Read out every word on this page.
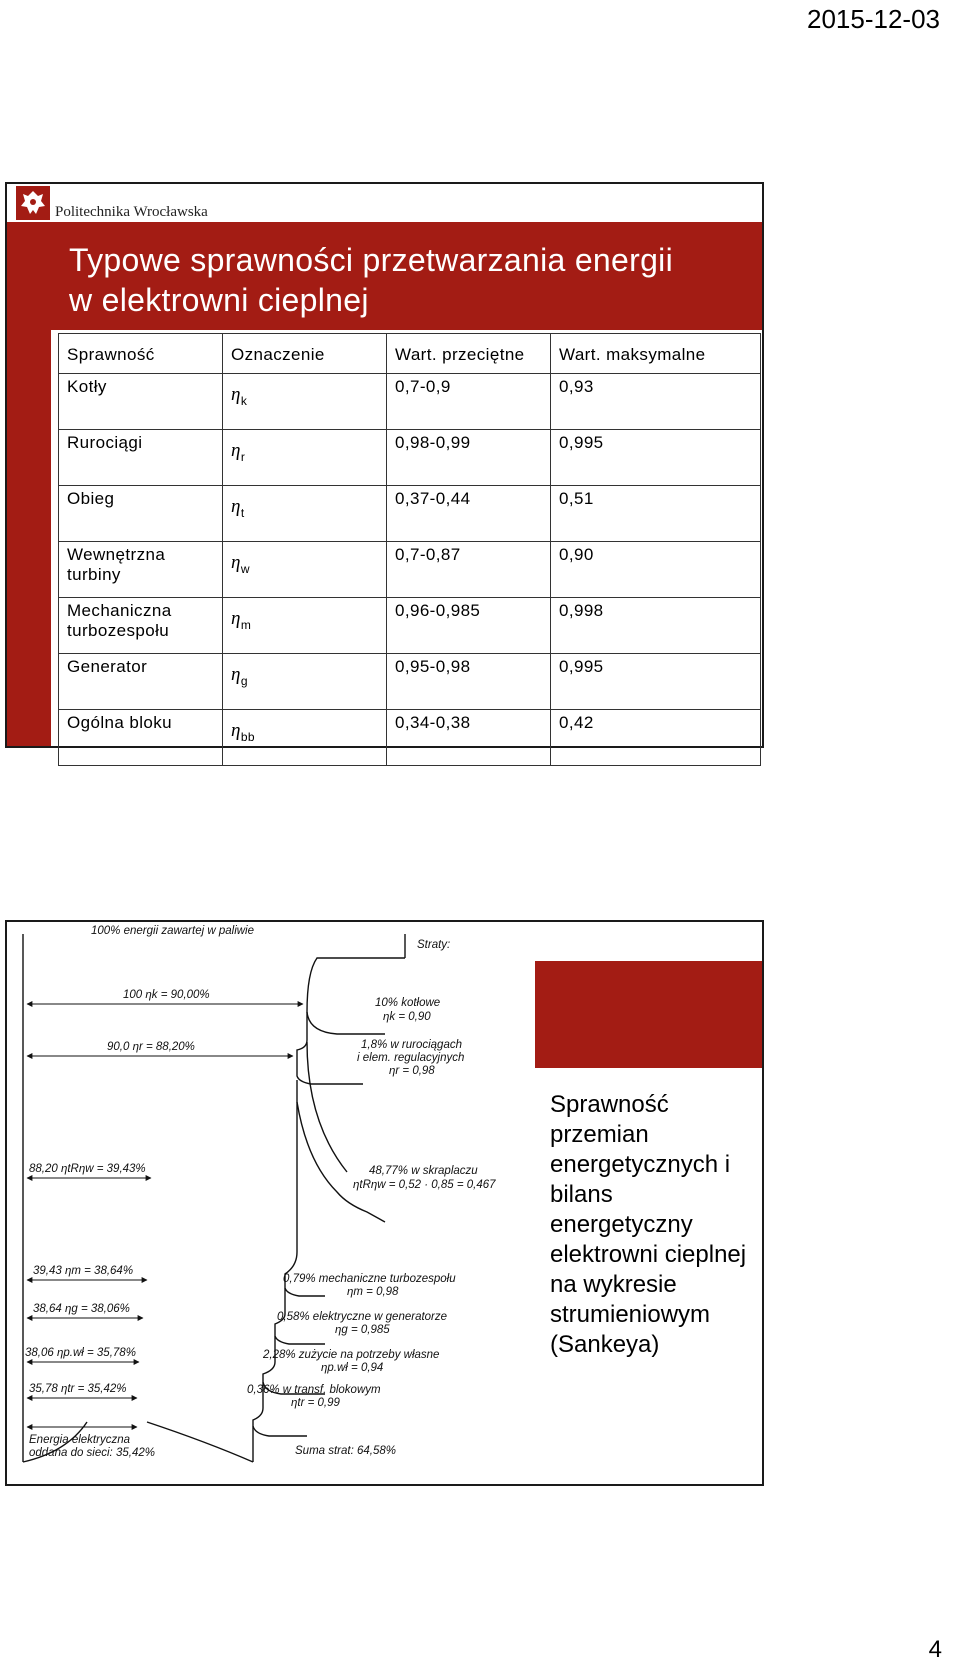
2015-12-03
Politechnika Wrocławska
Typowe sprawności przetwarzania energii
w elektrowni cieplnej
Sprawność	Oznaczenie	Wart. przeciętne	Wart. maksymalne
Kotły	$\eta_k$	0,7-0,9	0,93
Rurociągi	$\eta_r$	0,98-0,99	0,995
Obieg	$\eta_t$	0,37-0,44	0,51
Wewnętrzna turbiny	$\eta_w$	0,7-0,87	0,90
Mechaniczna turbozespołu	$\eta_m$	0,96-0,985	0,998
Generator	$\eta_g$	0,95-0,98	0,995
Ogólna bloku	$\eta_{bb}$	0,34-0,38	0,42
100% energii zawartej w paliwie
Straty:
100 ηk = 90,00%
90,0 ηr = 88,20%
88,20 ηtRηw = 39,43%
39,43 ηm = 38,64%
38,64 ηg = 38,06%
38,06 ηp.wł = 35,78%
35,78 ηtr = 35,42%
10% kotłowe
ηk = 0,90
1,8% w rurociągach
i elem. regulacyjnych
ηr = 0,98
48,77% w skraplaczu
ηtRηw = 0,52 · 0,85 = 0,467
0,79% mechaniczne turbozespołu
ηm = 0,98
0,58% elektryczne w generatorze
ηg = 0,985
2,28% zużycie na potrzeby własne
ηp.wł = 0,94
0,36% w transf. blokowym
ηtr = 0,99
Energia elektryczna
oddana do sieci: 35,42%	Suma strat: 64,58%

Sprawność przemian energetycznych i bilans energetyczny elektrowni cieplnej na wykresie strumieniowym (Sankeya)

4
